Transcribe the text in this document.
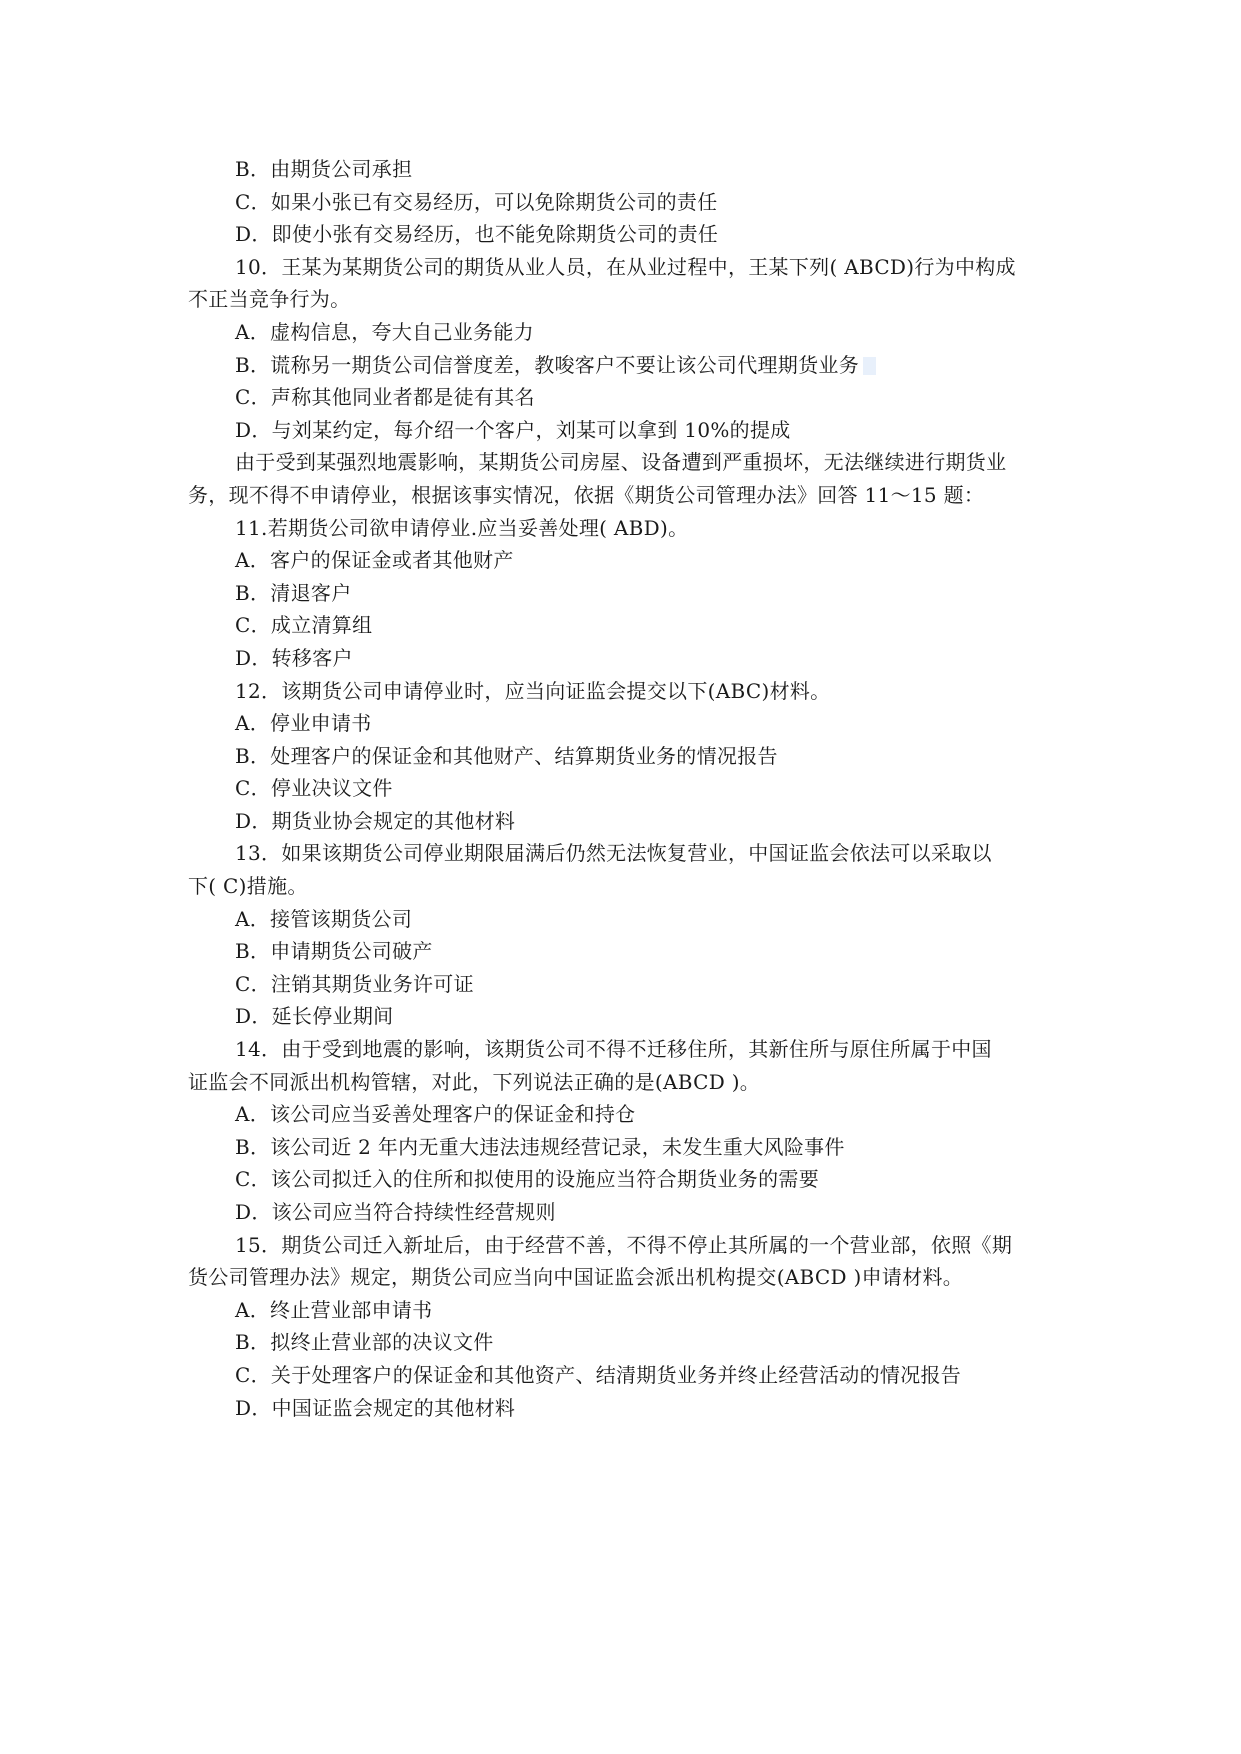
B．由期货公司承担
C．如果小张已有交易经历，可以免除期货公司的责任
D．即使小张有交易经历，也不能免除期货公司的责任
10．王某为某期货公司的期货从业人员，在从业过程中，王某下列( ABCD)行为中构成
不正当竞争行为。
A．虚构信息，夸大自己业务能力
B．谎称另一期货公司信誉度差，教唆客户不要让该公司代理期货业务
C．声称其他同业者都是徒有其名
D．与刘某约定，每介绍一个客户，刘某可以拿到 10%的提成
由于受到某强烈地震影响，某期货公司房屋、设备遭到严重损坏，无法继续进行期货业
务，现不得不申请停业，根据该事实情况，依据《期货公司管理办法》回答 11～15 题：
11.若期货公司欲申请停业.应当妥善处理( ABD)。
A．客户的保证金或者其他财产
B．清退客户
C．成立清算组
D．转移客户
12．该期货公司申请停业时，应当向证监会提交以下(ABC)材料。
A．停业申请书
B．处理客户的保证金和其他财产、结算期货业务的情况报告
C．停业决议文件
D．期货业协会规定的其他材料
13．如果该期货公司停业期限届满后仍然无法恢复营业，中国证监会依法可以采取以
下( C)措施。
A．接管该期货公司
B．申请期货公司破产
C．注销其期货业务许可证
D．延长停业期间
14．由于受到地震的影响，该期货公司不得不迁移住所，其新住所与原住所属于中国
证监会不同派出机构管辖，对此，下列说法正确的是(ABCD )。
A．该公司应当妥善处理客户的保证金和持仓
B．该公司近 2 年内无重大违法违规经营记录，未发生重大风险事件
C．该公司拟迁入的住所和拟使用的设施应当符合期货业务的需要
D．该公司应当符合持续性经营规则
15．期货公司迁入新址后，由于经营不善，不得不停止其所属的一个营业部，依照《期
货公司管理办法》规定，期货公司应当向中国证监会派出机构提交(ABCD )申请材料。
A．终止营业部申请书
B．拟终止营业部的决议文件
C．关于处理客户的保证金和其他资产、结清期货业务并终止经营活动的情况报告
D．中国证监会规定的其他材料
